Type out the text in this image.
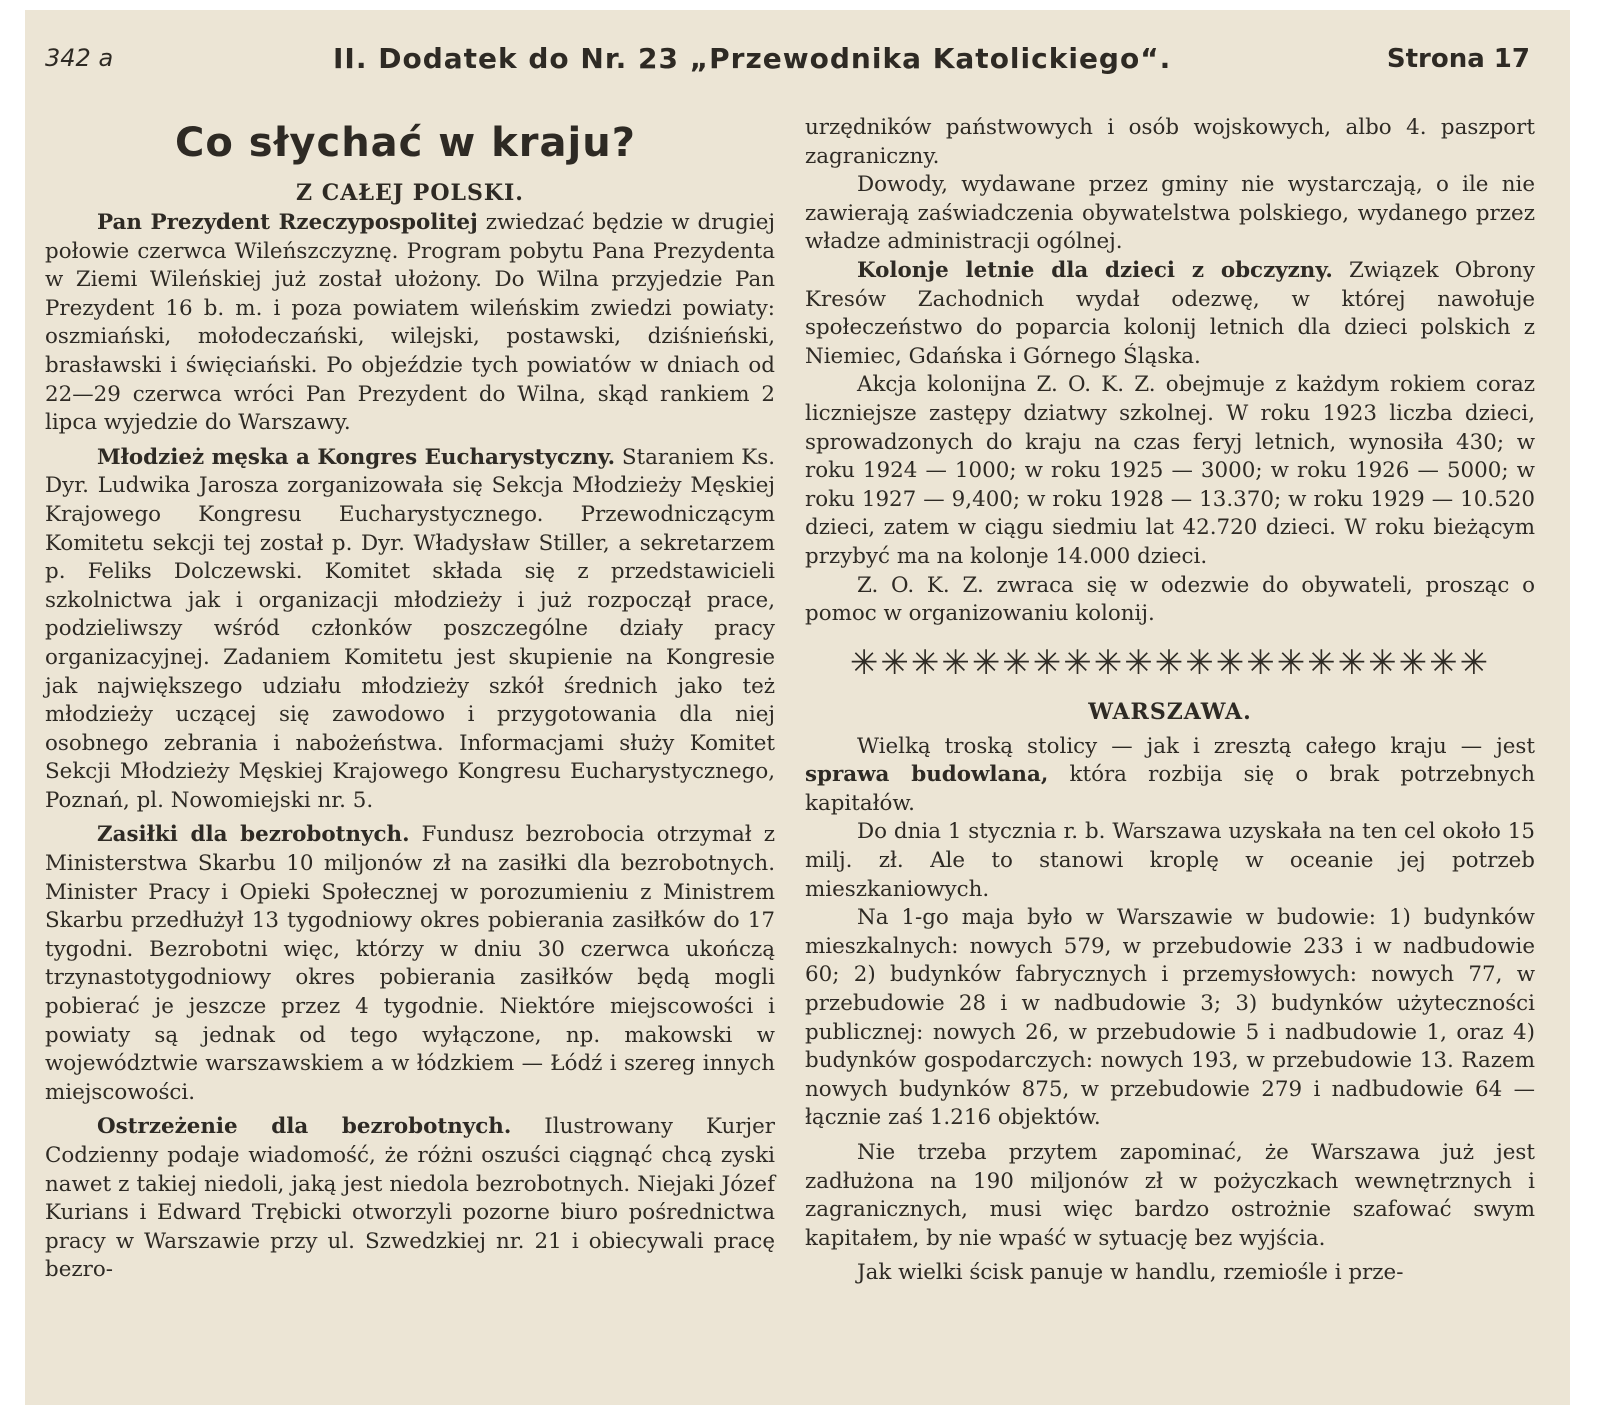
342 a	II. Dodatek do Nr. 23 „Przewodnika Katolickiego“.	Strona 17
Co słychać w kraju?
Z CAŁEJ POLSKI.

Pan Prezydent Rzeczypospolitej zwiedzać będzie w drugiej połowie czerwca Wileńszczyznę. Program pobytu Pana Prezydenta w Ziemi Wileńskiej już został ułożony. Do Wilna przyjedzie Pan Prezydent 16 b. m. i poza powiatem wileńskim zwiedzi powiaty: oszmiański, mołodeczański, wilejski, postawski, dziśnieński, brasławski i święciański. Po objeździe tych powiatów w dniach od 22—29 czerwca wróci Pan Prezydent do Wilna, skąd rankiem 2 lipca wyjedzie do Warszawy.

Młodzież męska a Kongres Eucharystyczny. Staraniem Ks. Dyr. Ludwika Jarosza zorganizowała się Sekcja Młodzieży Męskiej Krajowego Kongresu Eucharystycznego. Przewodniczącym Komitetu sekcji tej został p. Dyr. Władysław Stiller, a sekretarzem p. Feliks Dolczewski. Komitet składa się z przedstawicieli szkolnictwa jak i organizacji młodzieży i już rozpoczął prace, podzieliwszy wśród członków poszczególne działy pracy organizacyjnej. Zadaniem Komitetu jest skupienie na Kongresie jak największego udziału młodzieży szkół średnich jako też młodzieży uczącej się zawodowo i przygotowania dla niej osobnego zebrania i nabożeństwa. Informacjami służy Komitet Sekcji Młodzieży Męskiej Krajowego Kongresu Eucharystycznego, Poznań, pl. Nowomiejski nr. 5.

Zasiłki dla bezrobotnych. Fundusz bezrobocia otrzymał z Ministerstwa Skarbu 10 miljonów zł na zasiłki dla bezrobotnych. Minister Pracy i Opieki Społecznej w porozumieniu z Ministrem Skarbu przedłużył 13 tygodniowy okres pobierania zasiłków do 17 tygodni. Bezrobotni więc, którzy w dniu 30 czerwca ukończą trzynastotygodniowy okres pobierania zasiłków będą mogli pobierać je jeszcze przez 4 tygodnie. Niektóre miejscowości i powiaty są jednak od tego wyłączone, np. makowski w województwie warszawskiem a w łódzkiem — Łódź i szereg innych miejscowości.

Ostrzeżenie dla bezrobotnych. Ilustrowany Kurjer Codzienny podaje wiadomość, że różni oszuści ciągnąć chcą zyski nawet z takiej niedoli, jaką jest niedola bezrobotnych. Niejaki Józef Kurians i Edward Trębicki otworzyli pozorne biuro pośrednictwa pracy w Warszawie przy ul. Szwedzkiej nr. 21 i obiecywali pracę bezro-

urzędników państwowych i osób wojskowych, albo 4. paszport zagraniczny.

Dowody, wydawane przez gminy nie wystarczają, o ile nie zawierają zaświadczenia obywatelstwa polskiego, wydanego przez władze administracji ogólnej.

Kolonje letnie dla dzieci z obczyzny. Związek Obrony Kresów Zachodnich wydał odezwę, w której nawołuje społeczeństwo do poparcia kolonij letnich dla dzieci polskich z Niemiec, Gdańska i Górnego Śląska.

Akcja kolonijna Z. O. K. Z. obejmuje z każdym rokiem coraz liczniejsze zastępy dziatwy szkolnej. W roku 1923 liczba dzieci, sprowadzonych do kraju na czas feryj letnich, wynosiła 430; w roku 1924 — 1000; w roku 1925 — 3000; w roku 1926 — 5000; w roku 1927 — 9,400; w roku 1928 — 13.370; w roku 1929 — 10.520 dzieci, zatem w ciągu siedmiu lat 42.720 dzieci. W roku bieżącym przybyć ma na kolonje 14.000 dzieci.

Z. O. K. Z. zwraca się w odezwie do obywateli, prosząc o pomoc w organizowaniu kolonij.

✳✳✳✳✳✳✳✳✳✳✳✳✳✳✳✳✳✳✳✳✳
WARSZAWA.

Wielką troską stolicy — jak i zresztą całego kraju — jest sprawa budowlana, która rozbija się o brak potrzebnych kapitałów.

Do dnia 1 stycznia r. b. Warszawa uzyskała na ten cel około 15 milj. zł. Ale to stanowi kroplę w oceanie jej potrzeb mieszkaniowych.

Na 1-go maja było w Warszawie w budowie: 1) budynków mieszkalnych: nowych 579, w przebudowie 233 i w nadbudowie 60; 2) budynków fabrycznych i przemysłowych: nowych 77, w przebudowie 28 i w nadbudowie 3; 3) budynków użyteczności publicznej: nowych 26, w przebudowie 5 i nadbudowie 1, oraz 4) budynków gospodarczych: nowych 193, w przebudowie 13. Razem nowych budynków 875, w przebudowie 279 i nadbudowie 64 — łącznie zaś 1.216 objektów.

Nie trzeba przytem zapominać, że Warszawa już jest zadłużona na 190 miljonów zł w pożyczkach wewnętrznych i zagranicznych, musi więc bardzo ostrożnie szafować swym kapitałem, by nie wpaść w sytuację bez wyjścia.

Jak wielki ścisk panuje w handlu, rzemiośle i prze-
